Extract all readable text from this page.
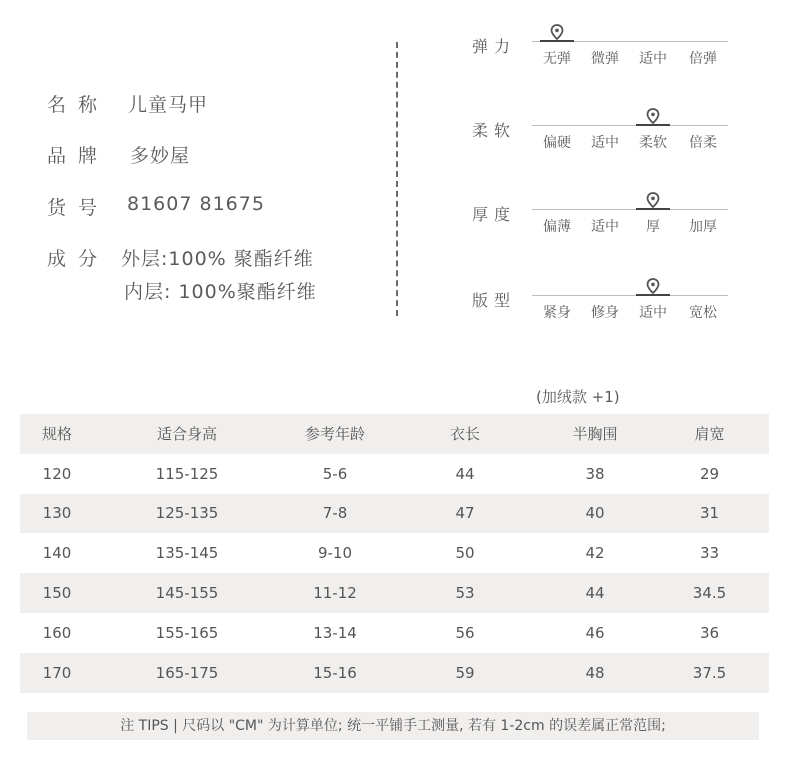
名称 儿童马甲
品牌 多妙屋
货号 81607 81675
成分 外层:100% 聚酯纤维
内层: 100%聚酯纤维
弹力
无弹	微弹	适中	倍弹
柔软
偏硬	适中	柔软	倍柔
厚度
偏薄	适中	厚	加厚
版型
紧身	修身	适中	宽松
(加绒款 +1)
规格	适合身高	参考年龄	衣长	半胸围	肩宽
120	115-125	5-6	44	38	29
130	125-135	7-8	47	40	31
140	135-145	9-10	50	42	33
150	145-155	11-12	53	44	34.5
160	155-165	13-14	56	46	36
170	165-175	15-16	59	48	37.5
注 TIPS | 尺码以 "CM" 为计算单位; 统一平铺手工测量, 若有 1-2cm 的误差属正常范围;
